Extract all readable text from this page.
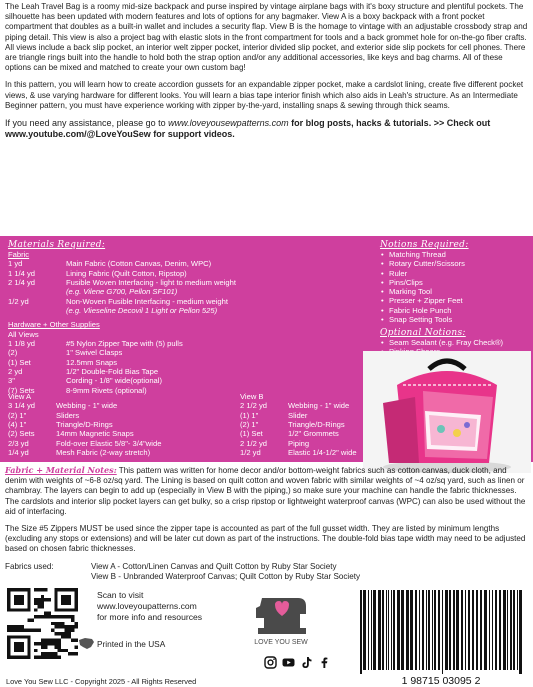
The Leah Travel Bag is a roomy mid-size backpack and purse inspired by vintage airplane bags with it's boxy structure and plentiful pockets. The silhouette has been updated with modern features and lots of options for any bagmaker. View A is a boxy backpack with a front pocket compartment that doubles as a built-in wallet and includes a security flap. View B is the homage to vintage with an adjustable crossbody strap and piping detail. This view is also a project bag with elastic slots in the front compartment for tools and a back grommet hole for on-the-go fiber crafts. All views include a back slip pocket, an interior welt zipper pocket, interior divided slip pocket, and exterior side slip pockets for cell phones. There are triangle rings built into the handle to hold both the strap option and/or any additional accessories, like keys and bag charms. All of these options can be mixed and matched to create your own custom bag!

In this pattern, you will learn how to create accordion gussets for an expandable zipper pocket, make a cardslot lining, create five different pocket views, & use varying hardware for different looks. You will learn a bias tape interior finish which also aids in Leah's structure. As an Intermediate Beginner pattern, you must have experience working with zipper by-the-yard, installing snaps & sewing through thick seams.

If you need any assistance, please go to www.loveyousewpatterns.com for blog posts, hacks & tutorials. >> Check out www.youtube.com/@LoveYouSew for support videos.

Materials Required:
Fabric
1 yd	Main Fabric (Cotton Canvas, Denim, WPC)
1 1/4 yd	Lining Fabric (Quilt Cotton, Ripstop)
2 1/4 yd	Fusible Woven Interfacing - light to medium weight
(e.g. Vilene G700, Pellon SF101)
1/2 yd	Non-Woven Fusible Interfacing - medium weight
(e.g. Vlieseline Decovil 1 Light or Pellon 525)
Hardware + Other Supplies
All Views
1 1/8 yd	#5 Nylon Zipper Tape with (5) pulls
(2)	1" Swivel Clasps
(1) Set	12.5mm Snaps
2 yd	1/2" Double-Fold Bias Tape
3"	Cording - 1/8" wide(optional)
(7) Sets	8-9mm Rivets (optional)
View A
3 1/4 yd	Webbing - 1" wide
(2) 1"	Sliders
(4) 1"	Triangle/D-Rings
(2) Sets	14mm Magnetic Snaps
2/3 yd	Fold-over Elastic 5/8"- 3/4"wide
1/4 yd	Mesh Fabric (2-way stretch)
View B
2 1/2 yd	Webbing - 1" wide
(1) 1"	Slider
(2) 1"	Triangle/D-Rings
(1) Set	1/2" Grommets
2 1/2 yd	Piping
1/2 yd	Elastic 1/4-1/2" wide
Notions Required:
• Matching Thread
• Rotary Cutter/Scissors
• Ruler
• Pins/Clips
• Marking Tool
• Presser + Zipper Feet
• Fabric Hole Punch
• Snap Setting Tools
Optional Notions:
• Seam Sealant (e.g. Fray Check®)
•
•
•
•

Fabric + Material Notes: This pattern was written for home decor and/or bottom-weight fabrics such as cotton canvas, duck cloth, and denim with weights of ~6-8 oz/sq yard. The Lining is based on quilt cotton and woven fabric with similar weights of ~4 oz/sq yard, such as linen or chambray. The layers can begin to add up (especially in View B with the piping,) so make sure your machine can handle the fabric thicknesses. The cardslots and interior slip pocket layers can get bulky, so a crisp ripstop or lightweight waterproof canvas (WPC) can also be used without the aid of interfacing.

The Size #5 Zippers MUST be used since the zipper tape is accounted as part of the full gusset width. They are listed by minimum lengths (excluding any stops or extensions) and will be later cut down as part of the instructions. The double-fold bias tape width may need to be adjusted based on chosen fabric thicknesses.

Fabrics used:	View A - Cotton/Linen Canvas and Quilt Cotton by Ruby Star Society
View B - Unbranded Waterproof Canvas; Quilt Cotton by Ruby Star Society
Scan to visit
www.loveyoupatterns.com
for more info and resources
Printed in the USA
Love You Sew LLC - Copyright 2025 - All Rights Reserved
LOVE YOU SEW
1 98715 03095 2
